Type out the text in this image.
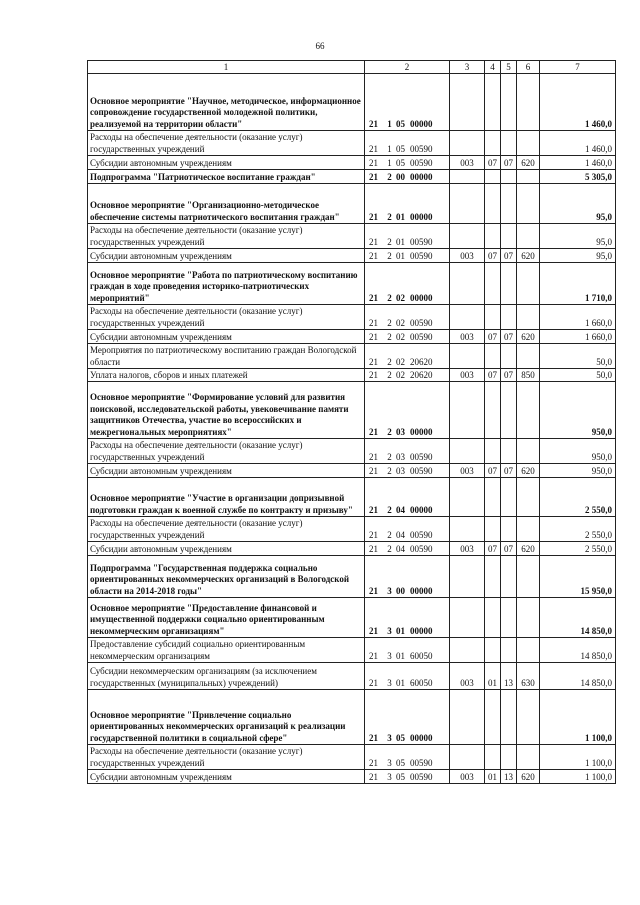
66
1	2	3	4	5	6	7
Основное мероприятие "Научное, методическое, информационное сопровождение государственной молодежной политики, реализуемой на территории области"	21 1 05 00000					1 460,0
Расходы на обеспечение деятельности (оказание услуг) государственных учреждений	21 1 05 00590					1 460,0
Субсидии автономным учреждениям	21 1 05 00590	003	07	07	620	1 460,0
Подпрограмма "Патриотическое воспитание граждан"	21 2 00 00000					5 305,0
Основное мероприятие "Организационно-методическое обеспечение системы патриотического воспитания граждан"	21 2 01 00000					95,0
Расходы на обеспечение деятельности (оказание услуг) государственных учреждений	21 2 01 00590					95,0
Субсидии автономным учреждениям	21 2 01 00590	003	07	07	620	95,0
Основное мероприятие "Работа по патриотическому воспитанию граждан в ходе проведения историко-патриотических мероприятий"	21 2 02 00000					1 710,0
Расходы на обеспечение деятельности (оказание услуг) государственных учреждений	21 2 02 00590					1 660,0
Субсидии автономным учреждениям	21 2 02 00590	003	07	07	620	1 660,0
Мероприятия по патриотическому воспитанию граждан Вологодской области	21 2 02 20620					50,0
Уплата налогов, сборов и иных платежей	21 2 02 20620	003	07	07	850	50,0
Основное мероприятие "Формирование условий для развития поисковой, исследовательской работы, увековечивание памяти защитников Отечества, участие во всероссийских и межрегиональных мероприятиях"	21 2 03 00000					950,0
Расходы на обеспечение деятельности (оказание услуг) государственных учреждений	21 2 03 00590					950,0
Субсидии автономным учреждениям	21 2 03 00590	003	07	07	620	950,0
Основное мероприятие "Участие в организации допризывной подготовки граждан к военной службе по контракту и призыву"	21 2 04 00000					2 550,0
Расходы на обеспечение деятельности (оказание услуг) государственных учреждений	21 2 04 00590					2 550,0
Субсидии автономным учреждениям	21 2 04 00590	003	07	07	620	2 550,0
Подпрограмма "Государственная поддержка социально ориентированных некоммерческих организаций в Вологодской области на 2014-2018 годы"	21 3 00 00000					15 950,0
Основное мероприятие "Предоставление финансовой и имущественной поддержки социально ориентированным некоммерческим организациям"	21 3 01 00000					14 850,0
Предоставление субсидий социально ориентированным некоммерческим организациям	21 3 01 60050					14 850,0
Субсидии некоммерческим организациям (за исключением государственных (муниципальных) учреждений)	21 3 01 60050	003	01	13	630	14 850,0
Основное мероприятие "Привлечение социально ориентированных некоммерческих организаций к реализации государственной политики в социальной сфере"	21 3 05 00000					1 100,0
Расходы на обеспечение деятельности (оказание услуг) государственных учреждений	21 3 05 00590					1 100,0
Субсидии автономным учреждениям	21 3 05 00590	003	01	13	620	1 100,0
